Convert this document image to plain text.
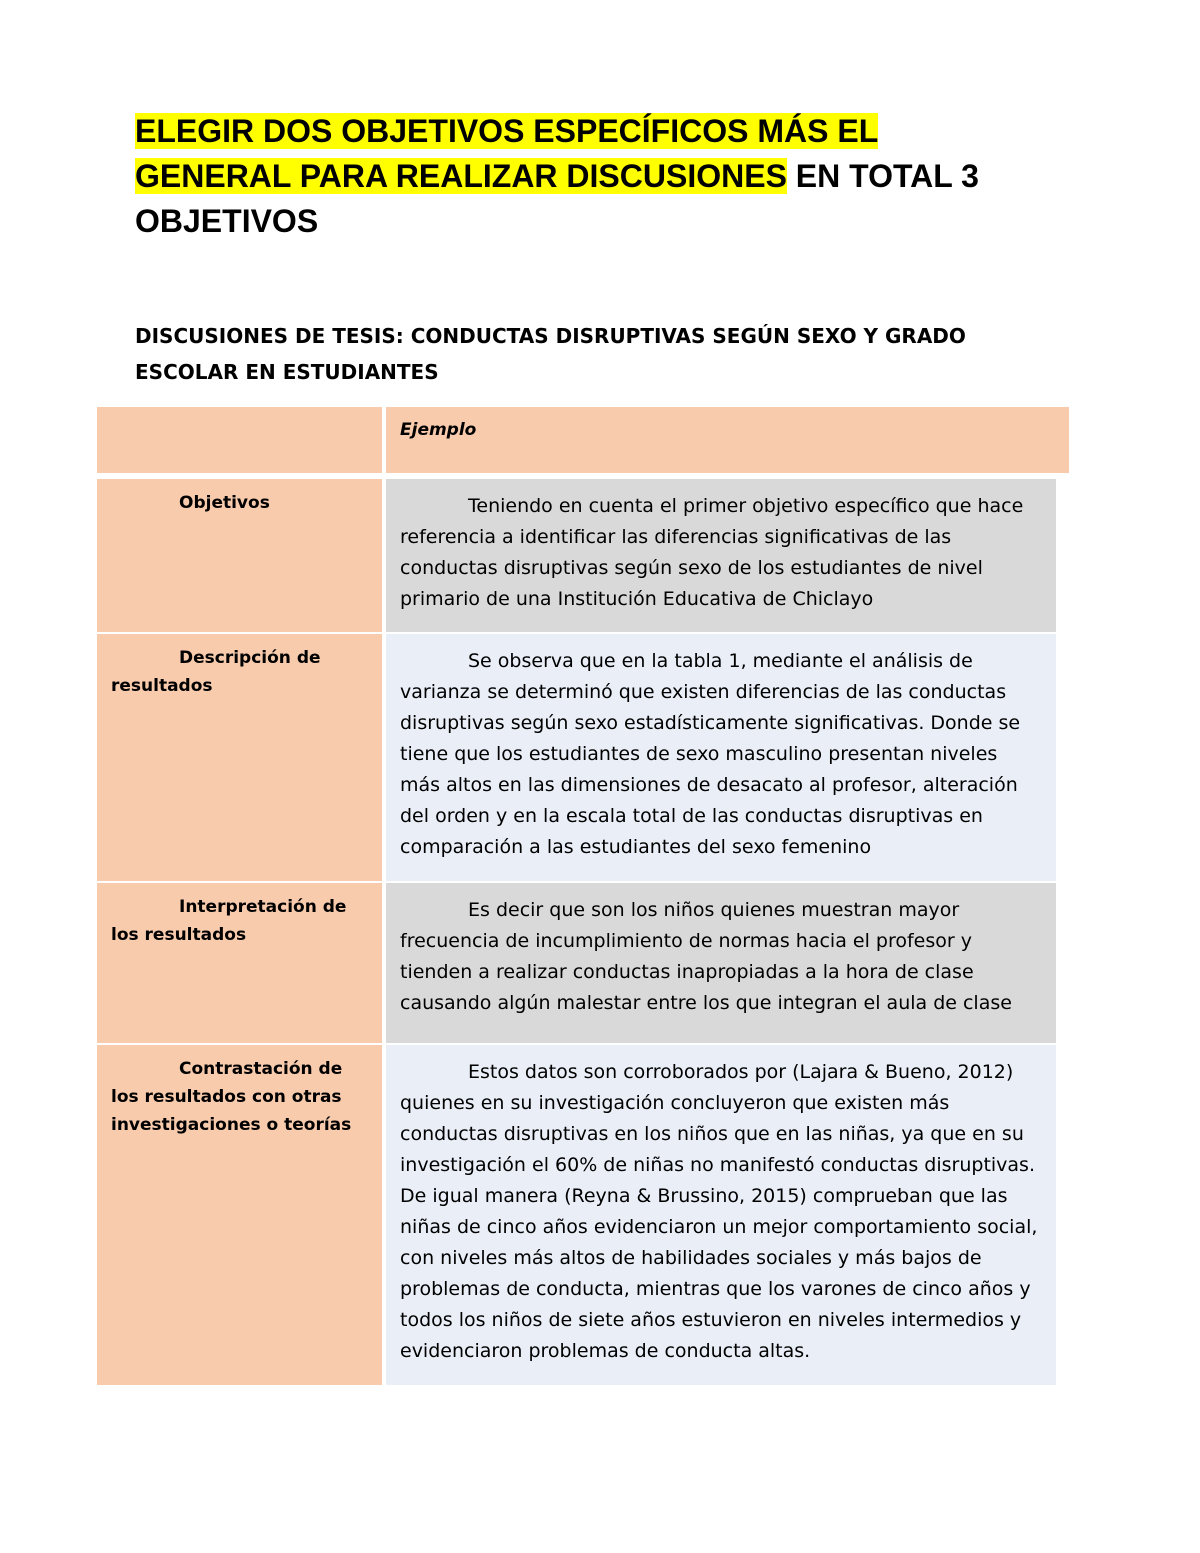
ELEGIR DOS OBJETIVOS ESPECÍFICOS MÁS EL GENERAL PARA REALIZAR DISCUSIONES EN TOTAL 3 OBJETIVOS
DISCUSIONES DE TESIS: CONDUCTAS DISRUPTIVAS SEGÚN SEXO Y GRADO ESCOLAR EN ESTUDIANTES
Ejemplo
Objetivos	Teniendo en cuenta el primer objetivo específico que hace referencia a identificar las diferencias significativas de las conductas disruptivas según sexo de los estudiantes de nivel primario de una Institución Educativa de Chiclayo
Descripción de resultados
Se observa que en la tabla 1, mediante el análisis de varianza se determinó que existen diferencias de las conductas disruptivas según sexo estadísticamente significativas. Donde se tiene que los estudiantes de sexo masculino presentan niveles más altos en las dimensiones de desacato al profesor, alteración del orden y en la escala total de las conductas disruptivas en comparación a las estudiantes del sexo femenino
Interpretación de los resultados
Es decir que son los niños quienes muestran mayor frecuencia de incumplimiento de normas hacia el profesor y tienden a realizar conductas inapropiadas a la hora de clase causando algún malestar entre los que integran el aula de clase
Contrastación de los resultados con otras investigaciones o teorías
Estos datos son corroborados por (Lajara & Bueno, 2012) quienes en su investigación concluyeron que existen más conductas disruptivas en los niños que en las niñas, ya que en su investigación el 60% de niñas no manifestó conductas disruptivas. De igual manera (Reyna & Brussino, 2015) comprueban que las niñas de cinco años evidenciaron un mejor comportamiento social, con niveles más altos de habilidades sociales y más bajos de problemas de conducta, mientras que los varones de cinco años y todos los niños de siete años estuvieron en niveles intermedios y evidenciaron problemas de conducta altas.
